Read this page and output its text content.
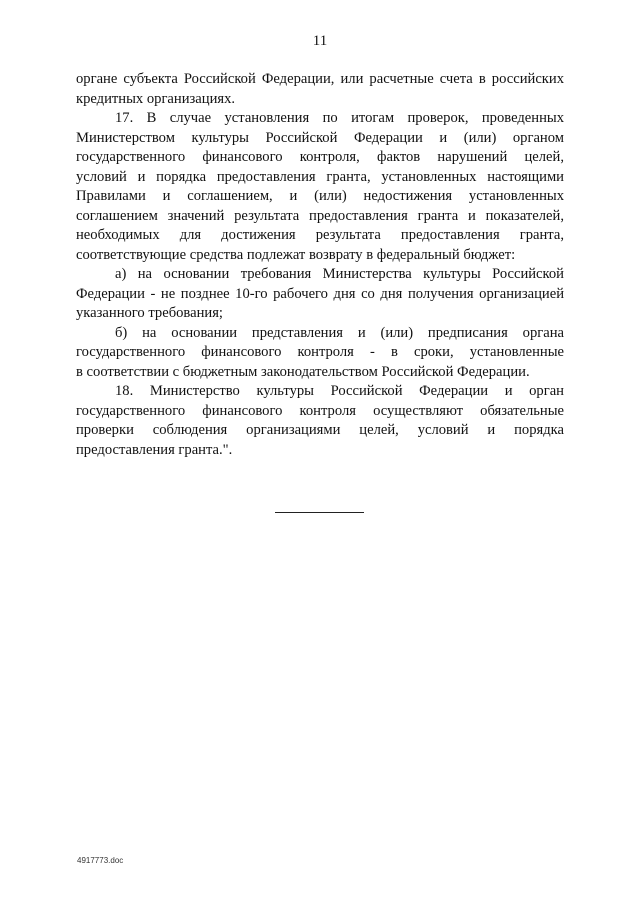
11
органе субъекта Российской Федерации, или расчетные счета в российских
кредитных организациях.
17. В случае установления по итогам проверок, проведенных
Министерством культуры Российской Федерации и (или) органом
государственного финансового контроля, фактов нарушений целей,
условий и порядка предоставления гранта, установленных настоящими
Правилами и соглашением, и (или) недостижения установленных
соглашением значений результата предоставления гранта и показателей,
необходимых для достижения результата предоставления гранта,
соответствующие средства подлежат возврату в федеральный бюджет:
а) на основании требования Министерства культуры Российской
Федерации - не позднее 10-го рабочего дня со дня получения организацией
указанного требования;
б) на основании представления и (или) предписания органа
государственного финансового контроля - в сроки, установленные
в соответствии с бюджетным законодательством Российской Федерации.
18. Министерство культуры Российской Федерации и орган
государственного финансового контроля осуществляют обязательные
проверки соблюдения организациями целей, условий и порядка
предоставления гранта.".
4917773.doc
